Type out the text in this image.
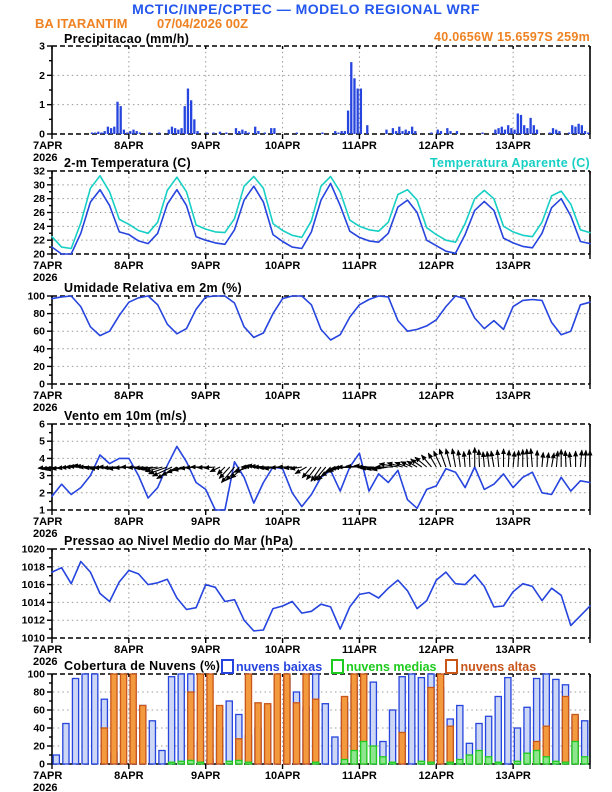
MCTIC/INPE/CPTEC — MODELO REGIONAL WRF
BA ITARANTIM 07/04/2026 00Z
0
1
2
3
7APR
2026
8APR	9APR	10APR	11APR	12APR	13APR
20
22
24
26
28
30
32
7APR
2026
8APR	9APR	10APR	11APR	12APR	13APR
0
20
40
60
80
100
7APR
2026
8APR	9APR	10APR	11APR	12APR	13APR
1
2
3
4
5
6
7APR
2026
8APR	9APR	10APR	11APR	12APR	13APR
1010
1012
1014
1016
1018
1020
7APR
2026
8APR	9APR	10APR	11APR	12APR	13APR
0
20
40
60
80
100
7APR
2026
8APR	9APR	10APR	11APR	12APR	13APR
Precipitacao (mm/h)	40.0656W 15.6597S 259m
2-m Temperatura (C)	Temperatura Aparente (C)
Umidade Relativa em 2m (%)
Vento em 10m (m/s)
Pressao ao Nivel Medio do Mar (hPa)
Cobertura de Nuvens (%) nuvens baixas nuvens medias nuvens altas
